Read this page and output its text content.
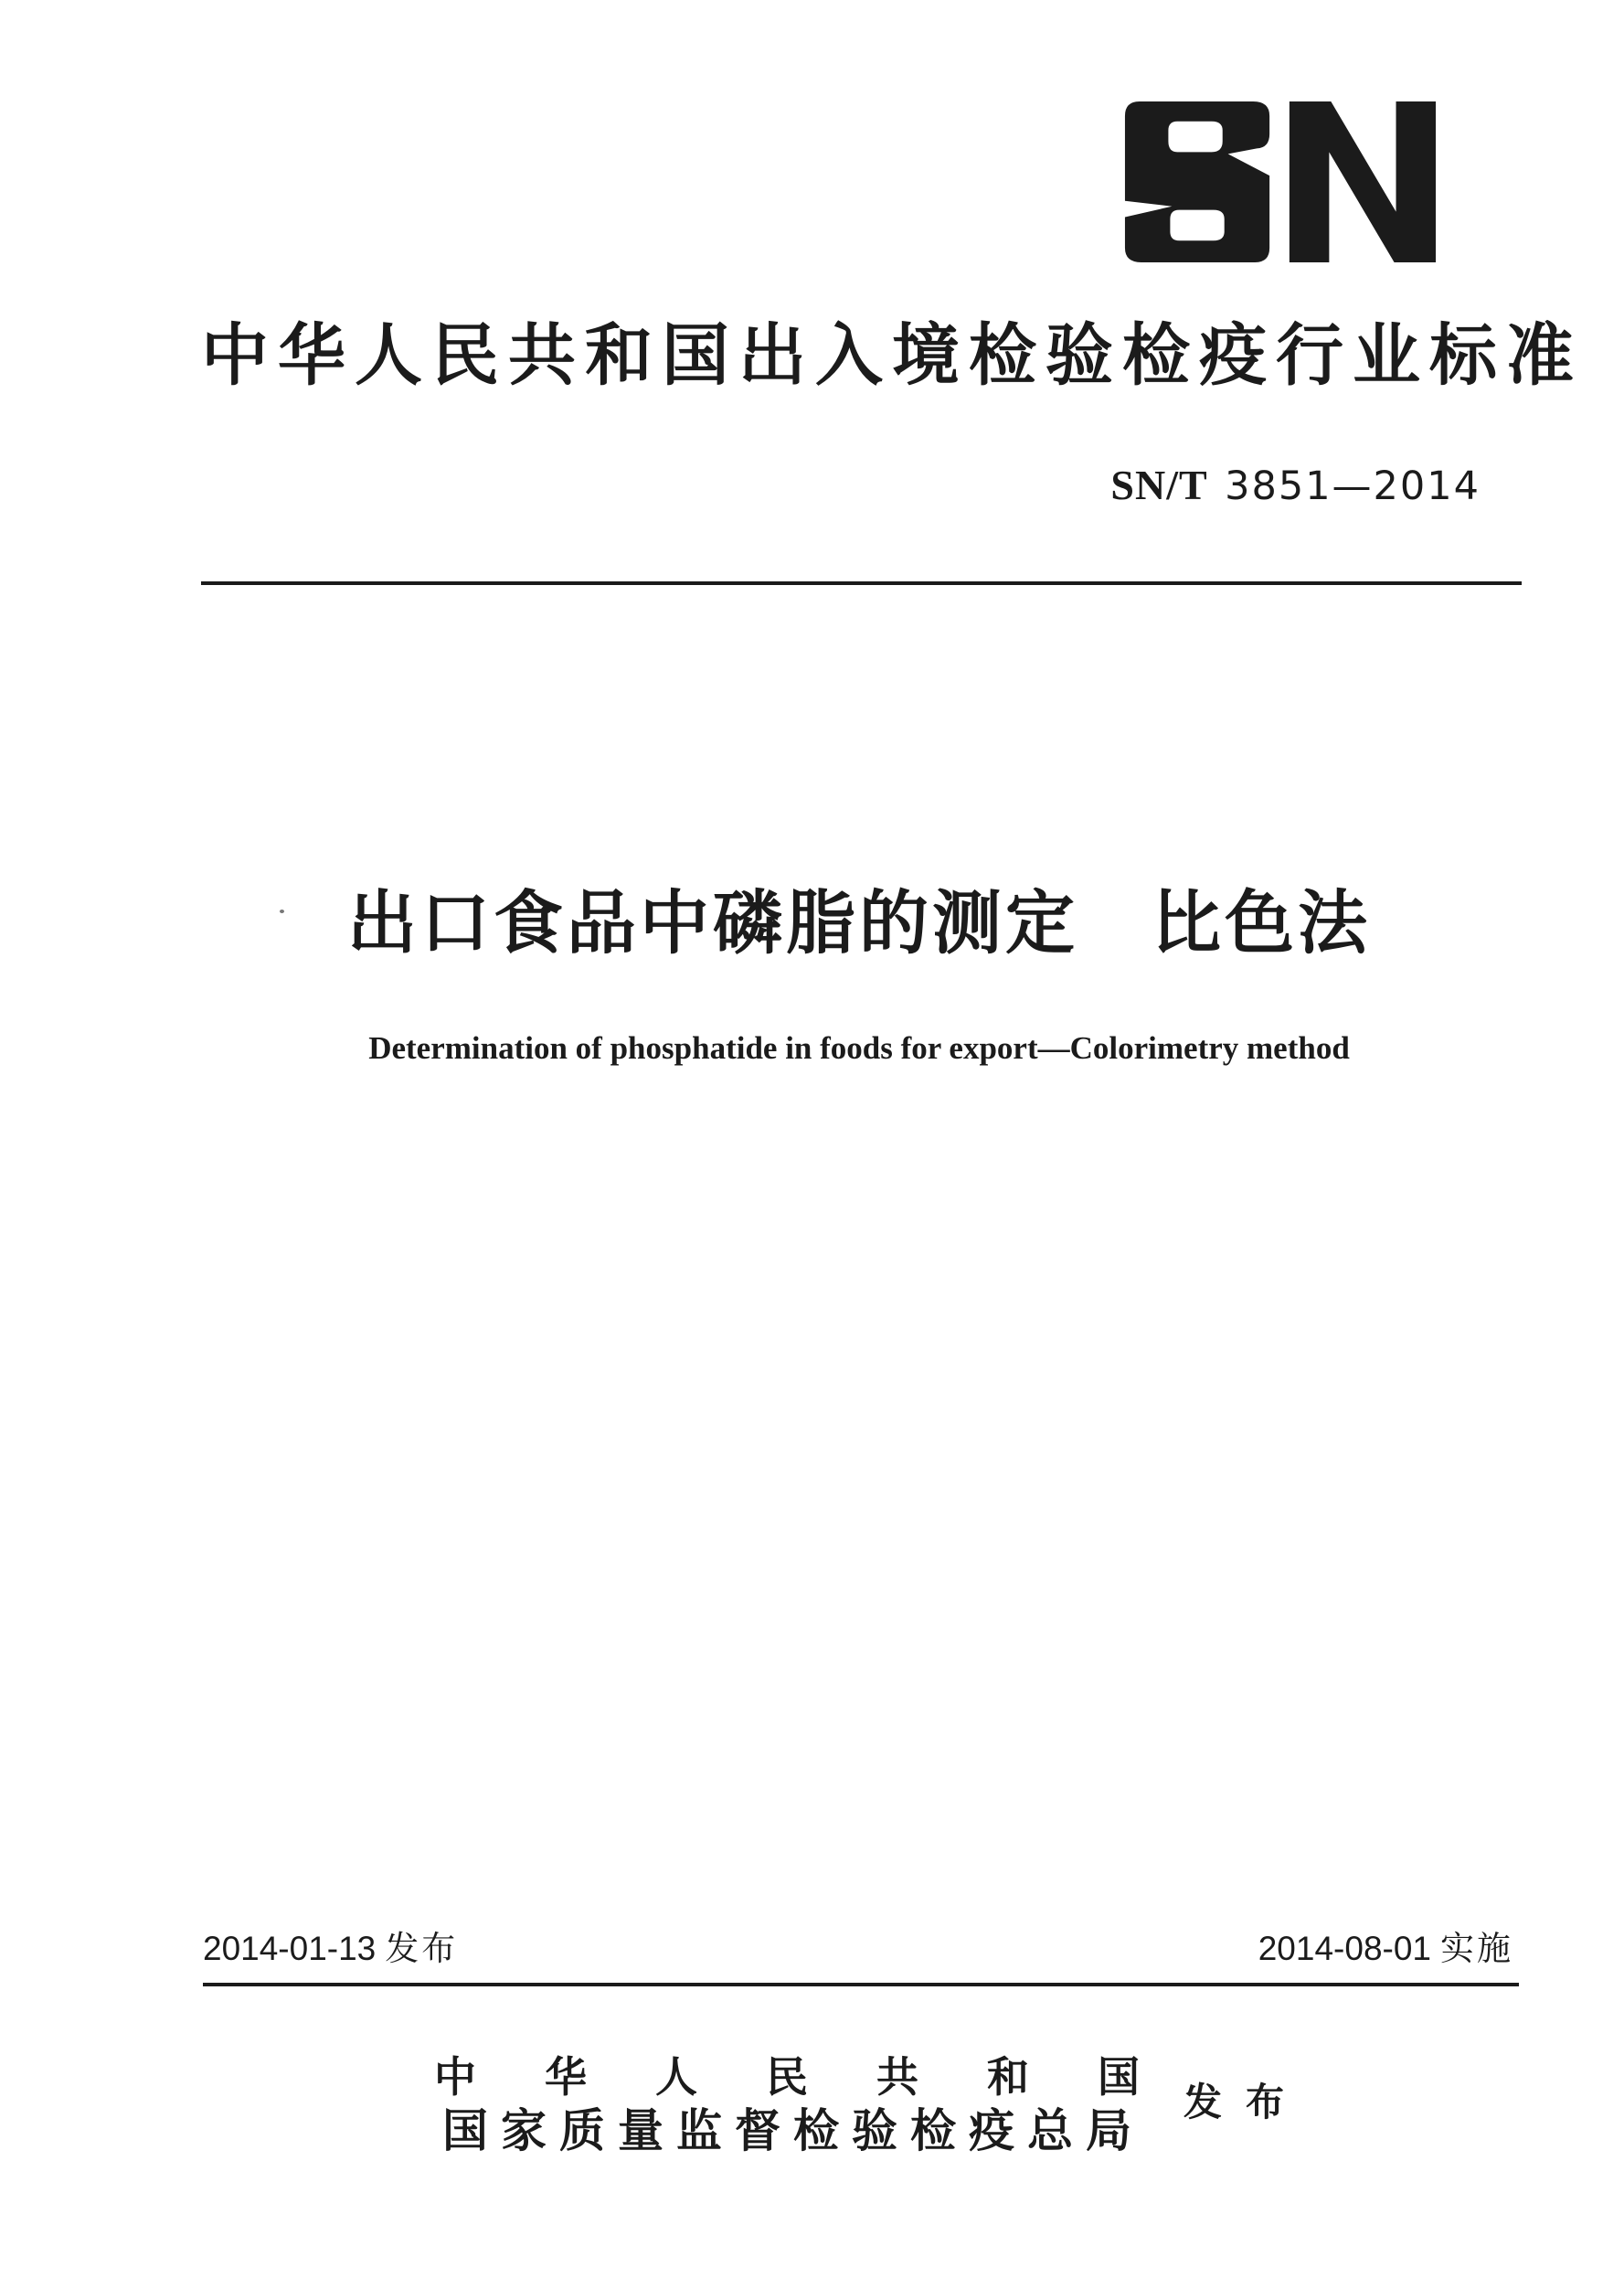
中华人民共和国出入境检验检疫行业标准
SN/T 3851—2014
出口食品中磷脂的测定　比色法
Determination of phosphatide in foods for export—Colorimetry method
2014-01-13 发布	2014-08-01 实施
中华人民共和国
国家质量监督检验检疫总局
发布
